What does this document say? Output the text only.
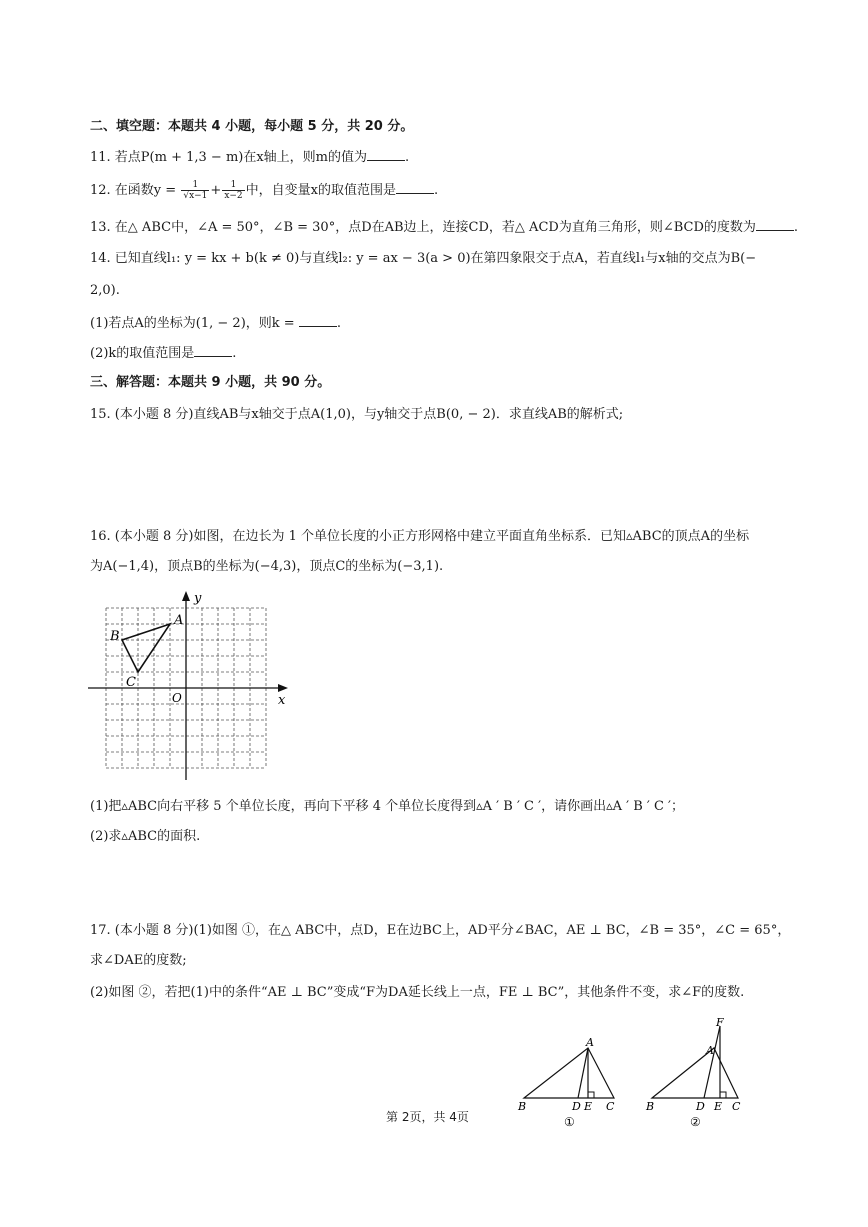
二、填空题：本题共 4 小题，每小题 5 分，共 20 分。
11. 若点P(m + 1,3 − m)在x轴上，则m的值为	.
12. 在函数$y = \frac{1}{√x-1} + \frac{1}{x-2}$ 中，自变量x的取值范围是	.
13. 在△ ABC中，∠A = 50°，∠B = 30°，点D在AB边上，连接CD，若△ ACD为直角三角形，则∠BCD的度数为	.
14. 已知直线l₁: y = kx + b(k ≠ 0)与直线l₂: y = ax − 3(a > 0)在第四象限交于点A，若直线l₁与x轴的交点为B(−
2,0).
(1)若点A的坐标为(1, − 2)，则k =	.
(2)k的取值范围是	.
三、解答题：本题共 9 小题，共 90 分。
15. (本小题 8 分)直线AB与x轴交于点A(1,0)，与y轴交于点B(0, − 2)．求直线AB的解析式;
16. (本小题 8 分)如图，在边长为 1 个单位长度的小正方形网格中建立平面直角坐标系．已知▵ABC的顶点A的坐标
为A(−1,4)，顶点B的坐标为(−4,3)，顶点C的坐标为(−3,1).
x
y
O
A
B
C
(1)把▵ABC向右平移 5 个单位长度，再向下平移 4 个单位长度得到▵A ′ B ′ C ′，请你画出▵A ′ B ′ C ′；
(2)求▵ABC的面积.
17. (本小题 8 分)(1)如图 ①，在△ ABC中，点D，E在边BC上，AD平分∠BAC，AE ⊥ BC，∠B = 35°，∠C = 65°，
求∠DAE的度数;
(2)如图 ②，若把(1)中的条件“AE ⊥ BC”变成“F为DA延长线上一点，FE ⊥ BC”，其他条件不变，求∠F的度数.
A
B	C
D E
①
F
A
B	C
D E
②
第 2页，共 4页
